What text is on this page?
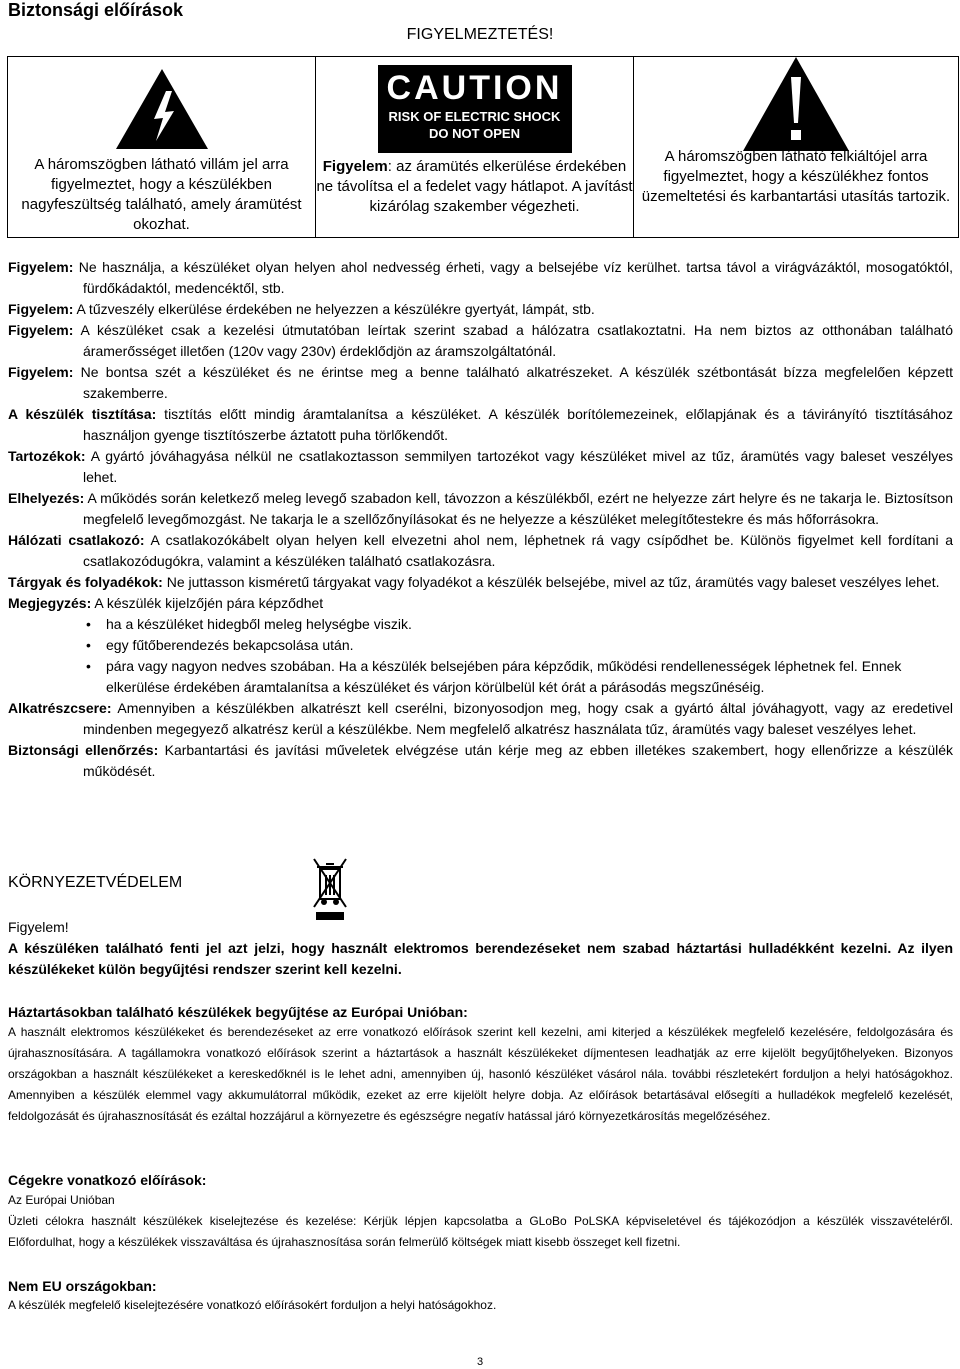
Biztonsági előírások

FIGYELMEZTETÉS!

A háromszögben látható villám jel arra figyelmeztet, hogy a készülékben nagyfeszültség található, amely áramütést okozhat.

CAUTION
RISK OF ELECTRIC SHOCK
DO NOT OPEN
Figyelem: az áramütés elkerülése érdekében ne távolítsa el a fedelet vagy hátlapot. A javítást kizárólag szakember végezheti.

A háromszögben látható felkiáltójel arra figyelmeztet, hogy a készülékhez fontos üzemeltetési és karbantartási utasítás tartozik.

Figyelem: Ne használja, a készüléket olyan helyen ahol nedvesség érheti, vagy a belsejébe víz kerülhet. tartsa távol a virágvázáktól, mosogatóktól, fürdőkádaktól, medencéktől, stb.

Figyelem: A tűzveszély elkerülése érdekében ne helyezzen a készülékre gyertyát, lámpát, stb.

Figyelem: A készüléket csak a kezelési útmutatóban leírtak szerint szabad a hálózatra csatlakoztatni. Ha nem biztos az otthonában található áramerősséget illetően (120v vagy 230v) érdeklődjön az áramszolgáltatónál.

Figyelem: Ne bontsa szét a készüléket és ne érintse meg a benne található alkatrészeket. A készülék szétbontását bízza megfelelően képzett szakemberre.

A készülék tisztítása: tisztítás előtt mindig áramtalanítsa a készüléket. A készülék borítólemezeinek, előlapjának és a távirányító tisztításához használjon gyenge tisztítószerbe áztatott puha törlőkendőt.

Tartozékok: A gyártó jóváhagyása nélkül ne csatlakoztasson semmilyen tartozékot vagy készüléket mivel az tűz, áramütés vagy baleset veszélyes lehet.

Elhelyezés: A működés során keletkező meleg levegő szabadon kell, távozzon a készülékből, ezért ne helyezze zárt helyre és ne takarja le. Biztosítson megfelelő levegőmozgást. Ne takarja le a szellőzőnyílásokat és ne helyezze a készüléket melegítőtestekre és más hőforrásokra.

Hálózati csatlakozó: A csatlakozókábelt olyan helyen kell elvezetni ahol nem, léphetnek rá vagy csípődhet be. Különös figyelmet kell fordítani a csatlakozódugókra, valamint a készüléken található csatlakozásra.

Tárgyak és folyadékok: Ne juttasson kisméretű tárgyakat vagy folyadékot a készülék belsejébe, mivel az tűz, áramütés vagy baleset veszélyes lehet.

Megjegyzés: A készülék kijelzőjén pára képződhet

• ha a készüléket hidegből meleg helységbe viszik.

• egy fűtőberendezés bekapcsolása után.

• pára vagy nagyon nedves szobában. Ha a készülék belsejében pára képződik, működési rendellenességek léphetnek fel. Ennek elkerülése érdekében áramtalanítsa a készüléket és várjon körülbelül két órát a párásodás megszűnéséig.

Alkatrészcsere: Amennyiben a készülékben alkatrészt kell cserélni, bizonyosodjon meg, hogy csak a gyártó által jóváhagyott, vagy az eredetivel mindenben megegyező alkatrész kerül a készülékbe. Nem megfelelő alkatrész használata tűz, áramütés vagy baleset veszélyes lehet.

Biztonsági ellenőrzés: Karbantartási és javítási műveletek elvégzése után kérje meg az ebben illetékes szakembert, hogy ellenőrizze a készülék működését.

KÖRNYEZETVÉDELEM

Figyelem!

A készüléken található fenti jel azt jelzi, hogy használt elektromos berendezéseket nem szabad háztartási hulladékként kezelni. Az ilyen készülékeket külön begyűjtési rendszer szerint kell kezelni.

Háztartásokban található készülékek begyűjtése az Európai Unióban:

A használt elektromos készülékeket és berendezéseket az erre vonatkozó előírások szerint kell kezelni, ami kiterjed a készülékek megfelelő kezelésére, feldolgozására és újrahasznosítására. A tagállamokra vonatkozó előírások szerint a háztartások a használt készülékeket díjmentesen leadhatják az erre kijelölt begyűjtőhelyeken. Bizonyos országokban a használt készülékeket a kereskedőknél is le lehet adni, amennyiben új, hasonló készüléket vásárol nála. további részletekért forduljon a helyi hatóságokhoz. Amennyiben a készülék elemmel vagy akkumulátorral működik, ezeket az erre kijelölt helyre dobja. Az előírások betartásával elősegíti a hulladékok megfelelő kezelését, feldolgozását és újrahasznosítását és ezáltal hozzájárul a környezetre és egészségre negatív hatással járó környezetkárosítás megelőzéséhez.

Cégekre vonatkozó előírások:

Az Európai Unióban

Üzleti célokra használt készülékek kiselejtezése és kezelése: Kérjük lépjen kapcsolatba a GLoBo PoLSKA képviseletével és tájékozódjon a készülék visszavételéről. Előfordulhat, hogy a készülékek visszaváltása és újrahasznosítása során felmerülő költségek miatt kisebb összeget kell fizetni.

Nem EU országokban:

A készülék megfelelő kiselejtezésére vonatkozó előírásokért forduljon a helyi hatóságokhoz.

3
